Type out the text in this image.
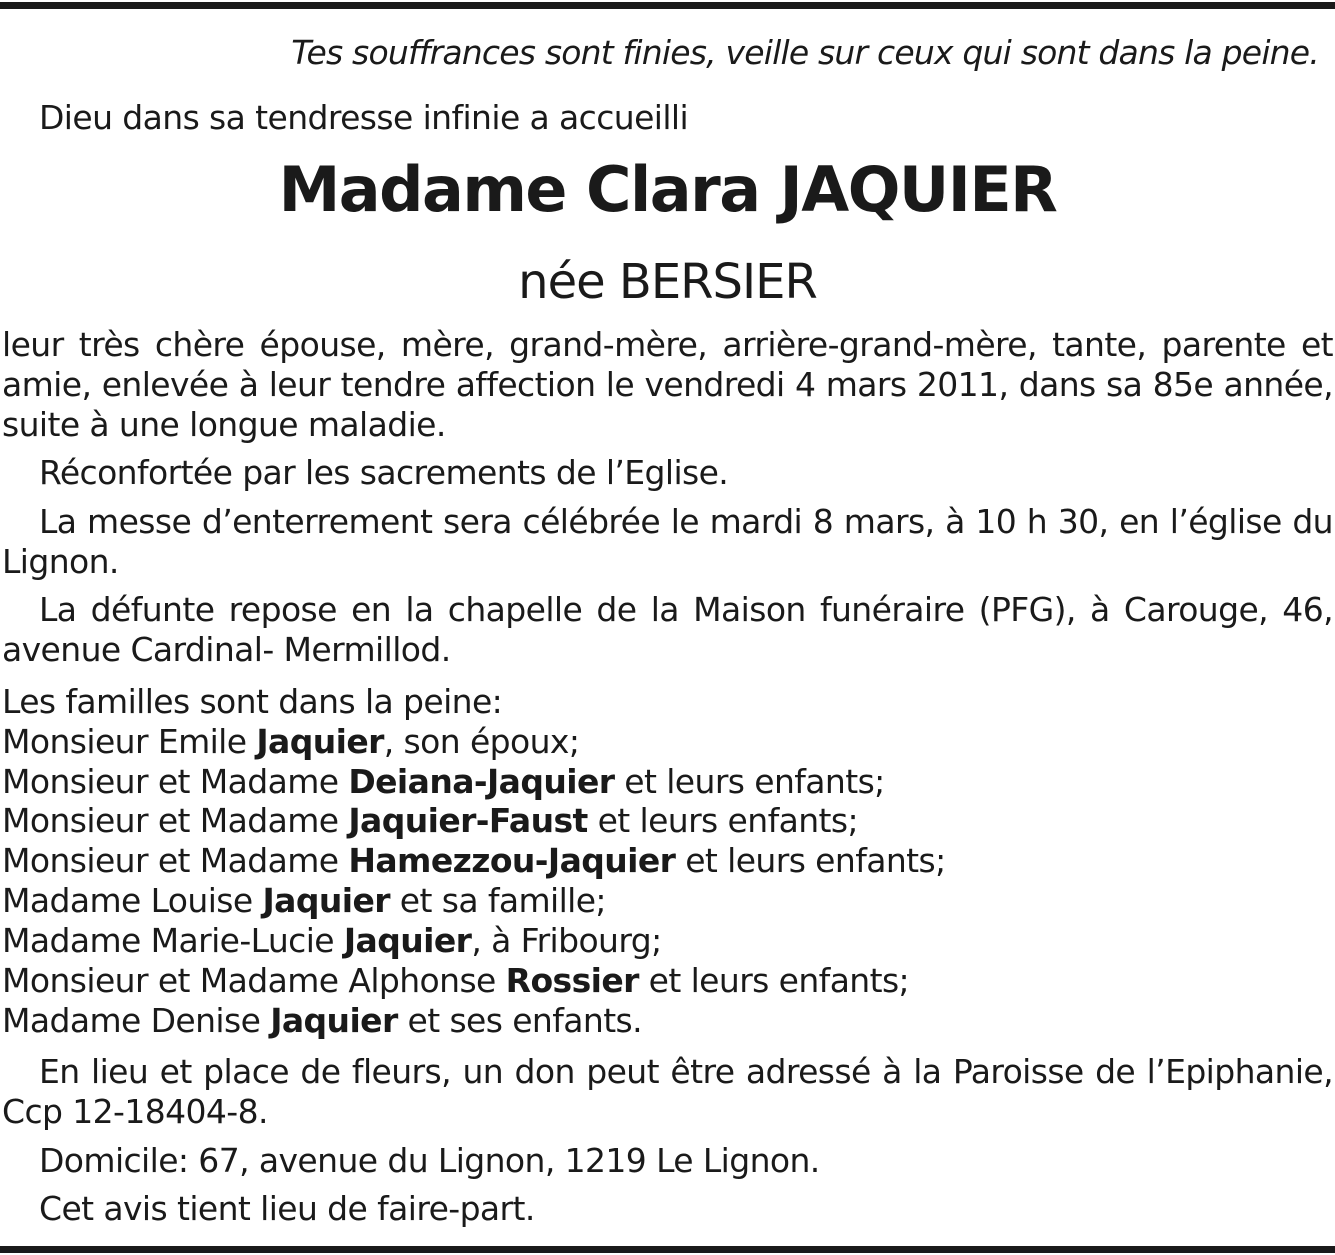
Tes souffrances sont finies, veille sur ceux qui sont dans la peine.
Dieu dans sa tendresse infinie a accueilli
Madame Clara JAQUIER
née BERSIER
leur très chère épouse, mère, grand-mère, arrière-grand-mère, tante, parente et amie, enlevée à leur tendre affection le vendredi 4 mars 2011, dans sa 85e année, suite à une longue maladie.
Réconfortée par les sacrements de l’Eglise.
La messe d’enterrement sera célébrée le mardi 8 mars, à 10 h 30, en l’église du Lignon.
La défunte repose en la chapelle de la Maison funéraire (PFG), à Carouge, 46, avenue Cardinal- Mermillod.
Les familles sont dans la peine:
Monsieur Emile Jaquier, son époux;
Monsieur et Madame Deiana-Jaquier et leurs enfants;
Monsieur et Madame Jaquier-Faust et leurs enfants;
Monsieur et Madame Hamezzou-Jaquier et leurs enfants;
Madame Louise Jaquier et sa famille;
Madame Marie-Lucie Jaquier, à Fribourg;
Monsieur et Madame Alphonse Rossier et leurs enfants;
Madame Denise Jaquier et ses enfants.
En lieu et place de fleurs, un don peut être adressé à la Paroisse de l’Epiphanie, Ccp 12-18404-8.
Domicile: 67, avenue du Lignon, 1219 Le Lignon.
Cet avis tient lieu de faire-part.
